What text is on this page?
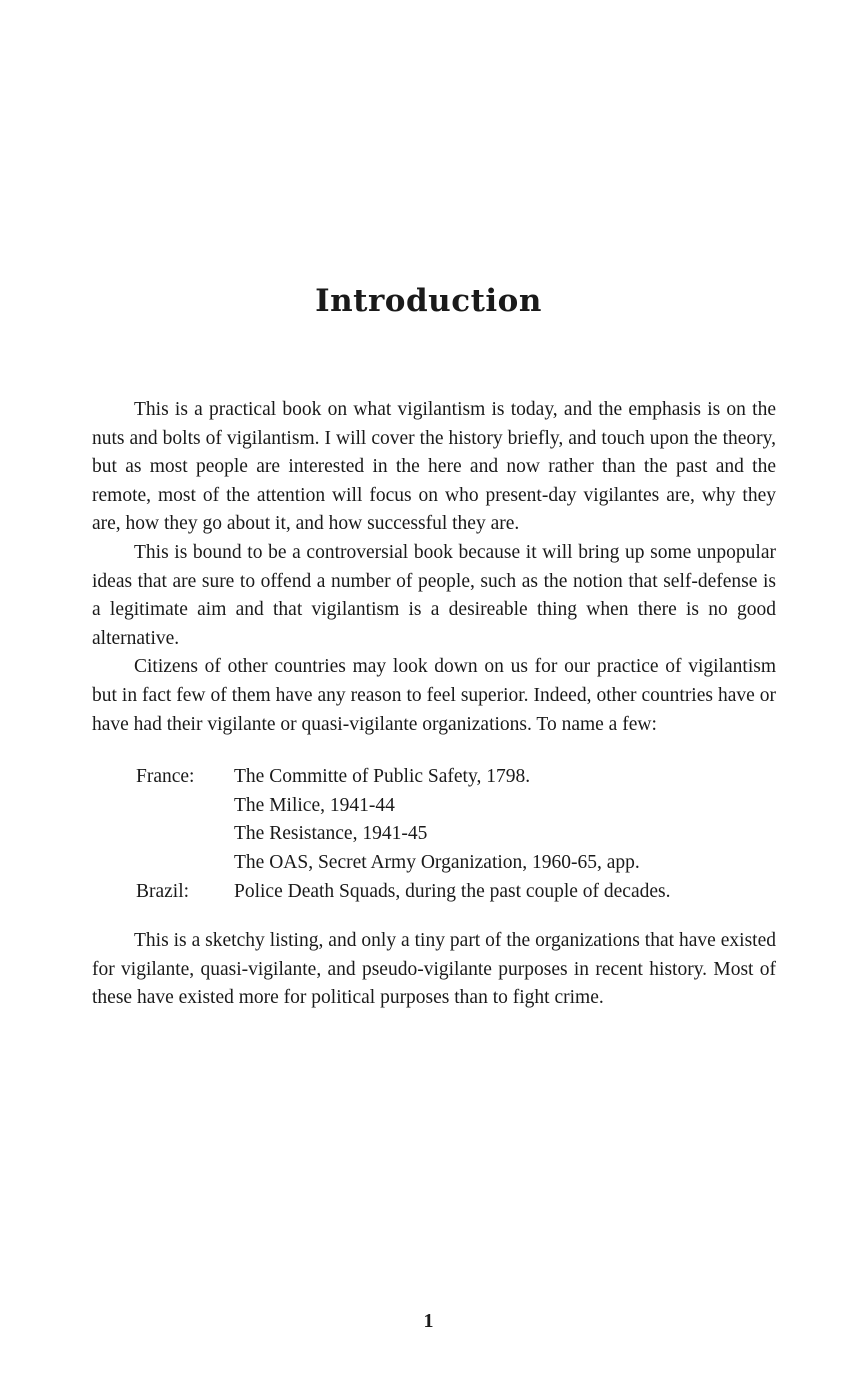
Introduction

This is a practical book on what vigilantism is today, and the emphasis is on the nuts and bolts of vigilantism. I will cover the history briefly, and touch upon the theory, but as most people are interested in the here and now rather than the past and the remote, most of the attention will focus on who present-day vigilantes are, why they are, how they go about it, and how successful they are.

This is bound to be a controversial book because it will bring up some unpopular ideas that are sure to offend a number of people, such as the notion that self-defense is a legitimate aim and that vigilantism is a desireable thing when there is no good alternative.

Citizens of other countries may look down on us for our practice of vigilantism but in fact few of them have any reason to feel superior. Indeed, other countries have or have had their vigilante or quasi-vigilante organizations. To name a few:

France:	The Committe of Public Safety, 1798.
The Milice, 1941-44
The Resistance, 1941-45
The OAS, Secret Army Organization, 1960-65, app.
Brazil:	Police Death Squads, during the past couple of decades.

This is a sketchy listing, and only a tiny part of the organizations that have existed for vigilante, quasi-vigilante, and pseudo-vigilante purposes in recent history. Most of these have existed more for political purposes than to fight crime.

1
